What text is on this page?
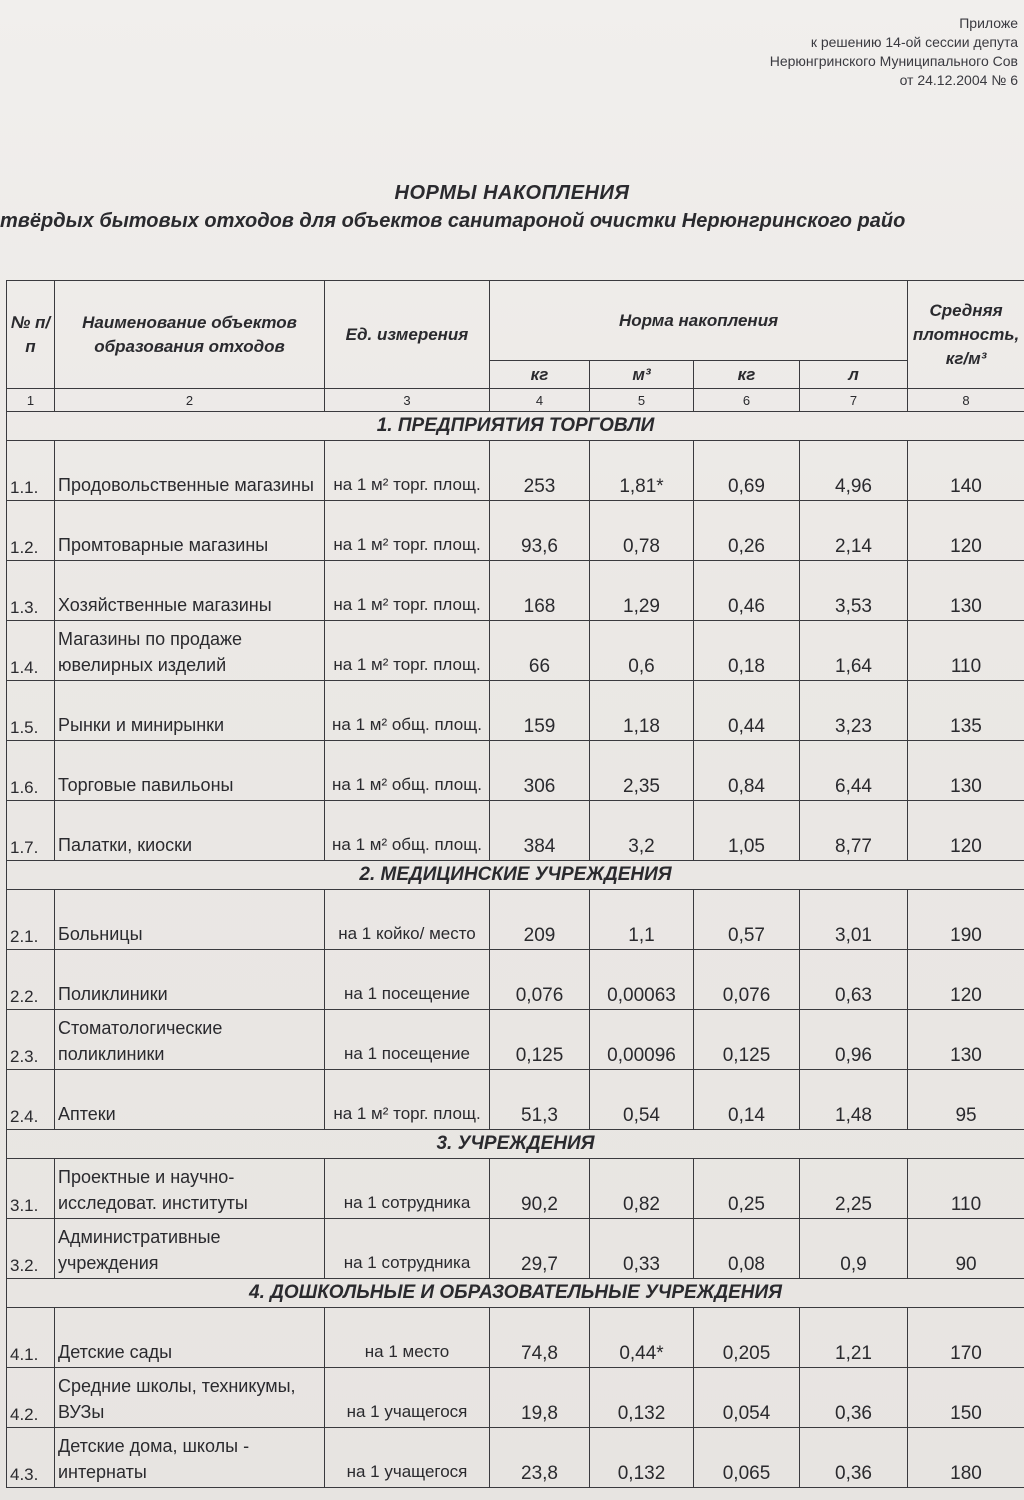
Приложе
к решению 14-ой сессии депута
Нерюнгринского Муниципального Сов
от 24.12.2004 № 6
НОРМЫ НАКОПЛЕНИЯ
твёрдых бытовых отходов для объектов санитароной очистки Нерюнгринского райо
№ п/п	Наименование объектов образования отходов	Ед. измерения	Норма накопления				Средняя плотность, кг/м³
			кг	м³	кг	л	
1	2	3	4	5	6	7	8
1. ПРЕДПРИЯТИЯ ТОРГОВЛИ							
1.1.	Продовольственные магазины	на 1 м² торг. площ.	253	1,81*	0,69	4,96	140
1.2.	Промтоварные магазины	на 1 м² торг. площ.	93,6	0,78	0,26	2,14	120
1.3.	Хозяйственные магазины	на 1 м² торг. площ.	168	1,29	0,46	3,53	130
1.4.	Магазины по продаже ювелирных изделий	на 1 м² торг. площ.	66	0,6	0,18	1,64	110
1.5.	Рынки и минирынки	на 1 м² общ. площ.	159	1,18	0,44	3,23	135
1.6.	Торговые павильоны	на 1 м² общ. площ.	306	2,35	0,84	6,44	130
1.7.	Палатки, киоски	на 1 м² общ. площ.	384	3,2	1,05	8,77	120
2. МЕДИЦИНСКИЕ УЧРЕЖДЕНИЯ							
2.1.	Больницы	на 1 койко/ место	209	1,1	0,57	3,01	190
2.2.	Поликлиники	на 1 посещение	0,076	0,00063	0,076	0,63	120
2.3.	Стоматологические поликлиники	на 1 посещение	0,125	0,00096	0,125	0,96	130
2.4.	Аптеки	на 1 м² торг. площ.	51,3	0,54	0,14	1,48	95
3. УЧРЕЖДЕНИЯ							
3.1.	Проектные и научно-исследоват. институты	на 1 сотрудника	90,2	0,82	0,25	2,25	110
3.2.	Административные учреждения	на 1 сотрудника	29,7	0,33	0,08	0,9	90
4. ДОШКОЛЬНЫЕ И ОБРАЗОВАТЕЛЬНЫЕ УЧРЕЖДЕНИЯ							
4.1.	Детские сады	на 1 место	74,8	0,44*	0,205	1,21	170
4.2.	Средние школы, техникумы, ВУЗы	на 1 учащегося	19,8	0,132	0,054	0,36	150
4.3.	Детские дома, школы - интернаты	на 1 учащегося	23,8	0,132	0,065	0,36	180
